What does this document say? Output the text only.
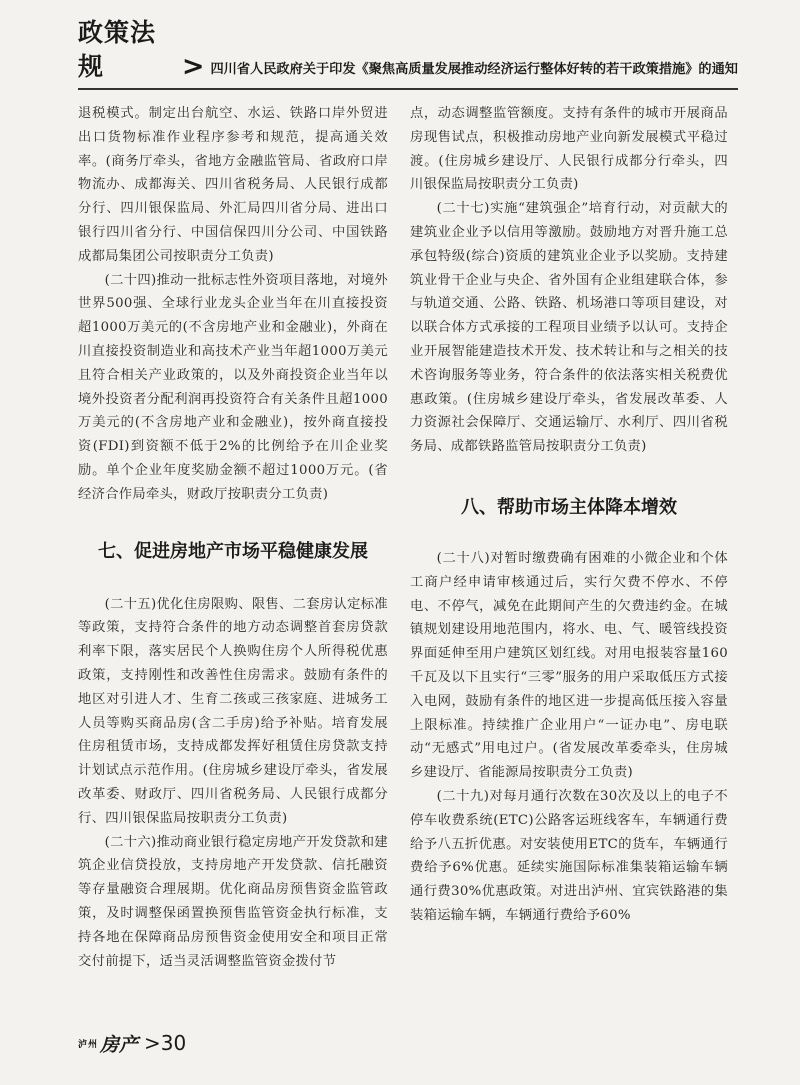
政策法规	> 四川省人民政府关于印发《聚焦高质量发展推动经济运行整体好转的若干政策措施》的通知

退税模式。制定出台航空、水运、铁路口岸外贸进出口货物标准作业程序参考和规范，提高通关效率。(商务厅牵头，省地方金融监管局、省政府口岸物流办、成都海关、四川省税务局、人民银行成都分行、四川银保监局、外汇局四川省分局、进出口银行四川省分行、中国信保四川分公司、中国铁路成都局集团公司按职责分工负责)

(二十四)推动一批标志性外资项目落地，对境外世界500强、全球行业龙头企业当年在川直接投资超1000万美元的(不含房地产业和金融业)，外商在川直接投资制造业和高技术产业当年超1000万美元且符合相关产业政策的，以及外商投资企业当年以境外投资者分配利润再投资符合有关条件且超1000万美元的(不含房地产业和金融业)，按外商直接投资(FDI)到资额不低于2%的比例给予在川企业奖励。单个企业年度奖励金额不超过1000万元。(省经济合作局牵头，财政厅按职责分工负责)

七、促进房地产市场平稳健康发展

(二十五)优化住房限购、限售、二套房认定标准等政策，支持符合条件的地方动态调整首套房贷款利率下限，落实居民个人换购住房个人所得税优惠政策，支持刚性和改善性住房需求。鼓励有条件的地区对引进人才、生育二孩或三孩家庭、进城务工人员等购买商品房(含二手房)给予补贴。培育发展住房租赁市场，支持成都发挥好租赁住房贷款支持计划试点示范作用。(住房城乡建设厅牵头，省发展改革委、财政厅、四川省税务局、人民银行成都分行、四川银保监局按职责分工负责)

(二十六)推动商业银行稳定房地产开发贷款和建筑企业信贷投放，支持房地产开发贷款、信托融资等存量融资合理展期。优化商品房预售资金监管政策，及时调整保函置换预售监管资金执行标准，支持各地在保障商品房预售资金使用安全和项目正常交付前提下，适当灵活调整监管资金拨付节

点，动态调整监管额度。支持有条件的城市开展商品房现售试点，积极推动房地产业向新发展模式平稳过渡。(住房城乡建设厅、人民银行成都分行牵头，四川银保监局按职责分工负责)

(二十七)实施“建筑强企”培育行动，对贡献大的建筑业企业予以信用等激励。鼓励地方对晋升施工总承包特级(综合)资质的建筑业企业予以奖励。支持建筑业骨干企业与央企、省外国有企业组建联合体，参与轨道交通、公路、铁路、机场港口等项目建设，对以联合体方式承接的工程项目业绩予以认可。支持企业开展智能建造技术开发、技术转让和与之相关的技术咨询服务等业务，符合条件的依法落实相关税费优惠政策。(住房城乡建设厅牵头，省发展改革委、人力资源社会保障厅、交通运输厅、水利厅、四川省税务局、成都铁路监管局按职责分工负责)

八、帮助市场主体降本增效

(二十八)对暂时缴费确有困难的小微企业和个体工商户经申请审核通过后，实行欠费不停水、不停电、不停气，减免在此期间产生的欠费违约金。在城镇规划建设用地范围内，将水、电、气、暖管线投资界面延伸至用户建筑区划红线。对用电报装容量160千瓦及以下且实行“三零”服务的用户采取低压方式接入电网，鼓励有条件的地区进一步提高低压接入容量上限标准。持续推广企业用户“一证办电”、房电联动“无感式”用电过户。(省发展改革委牵头，住房城乡建设厅、省能源局按职责分工负责)

(二十九)对每月通行次数在30次及以上的电子不停车收费系统(ETC)公路客运班线客车，车辆通行费给予八五折优惠。对安装使用ETC的货车，车辆通行费给予6%优惠。延续实施国际标准集装箱运输车辆通行费30%优惠政策。对进出泸州、宜宾铁路港的集装箱运输车辆，车辆通行费给予60%

泸州 房产 >30
